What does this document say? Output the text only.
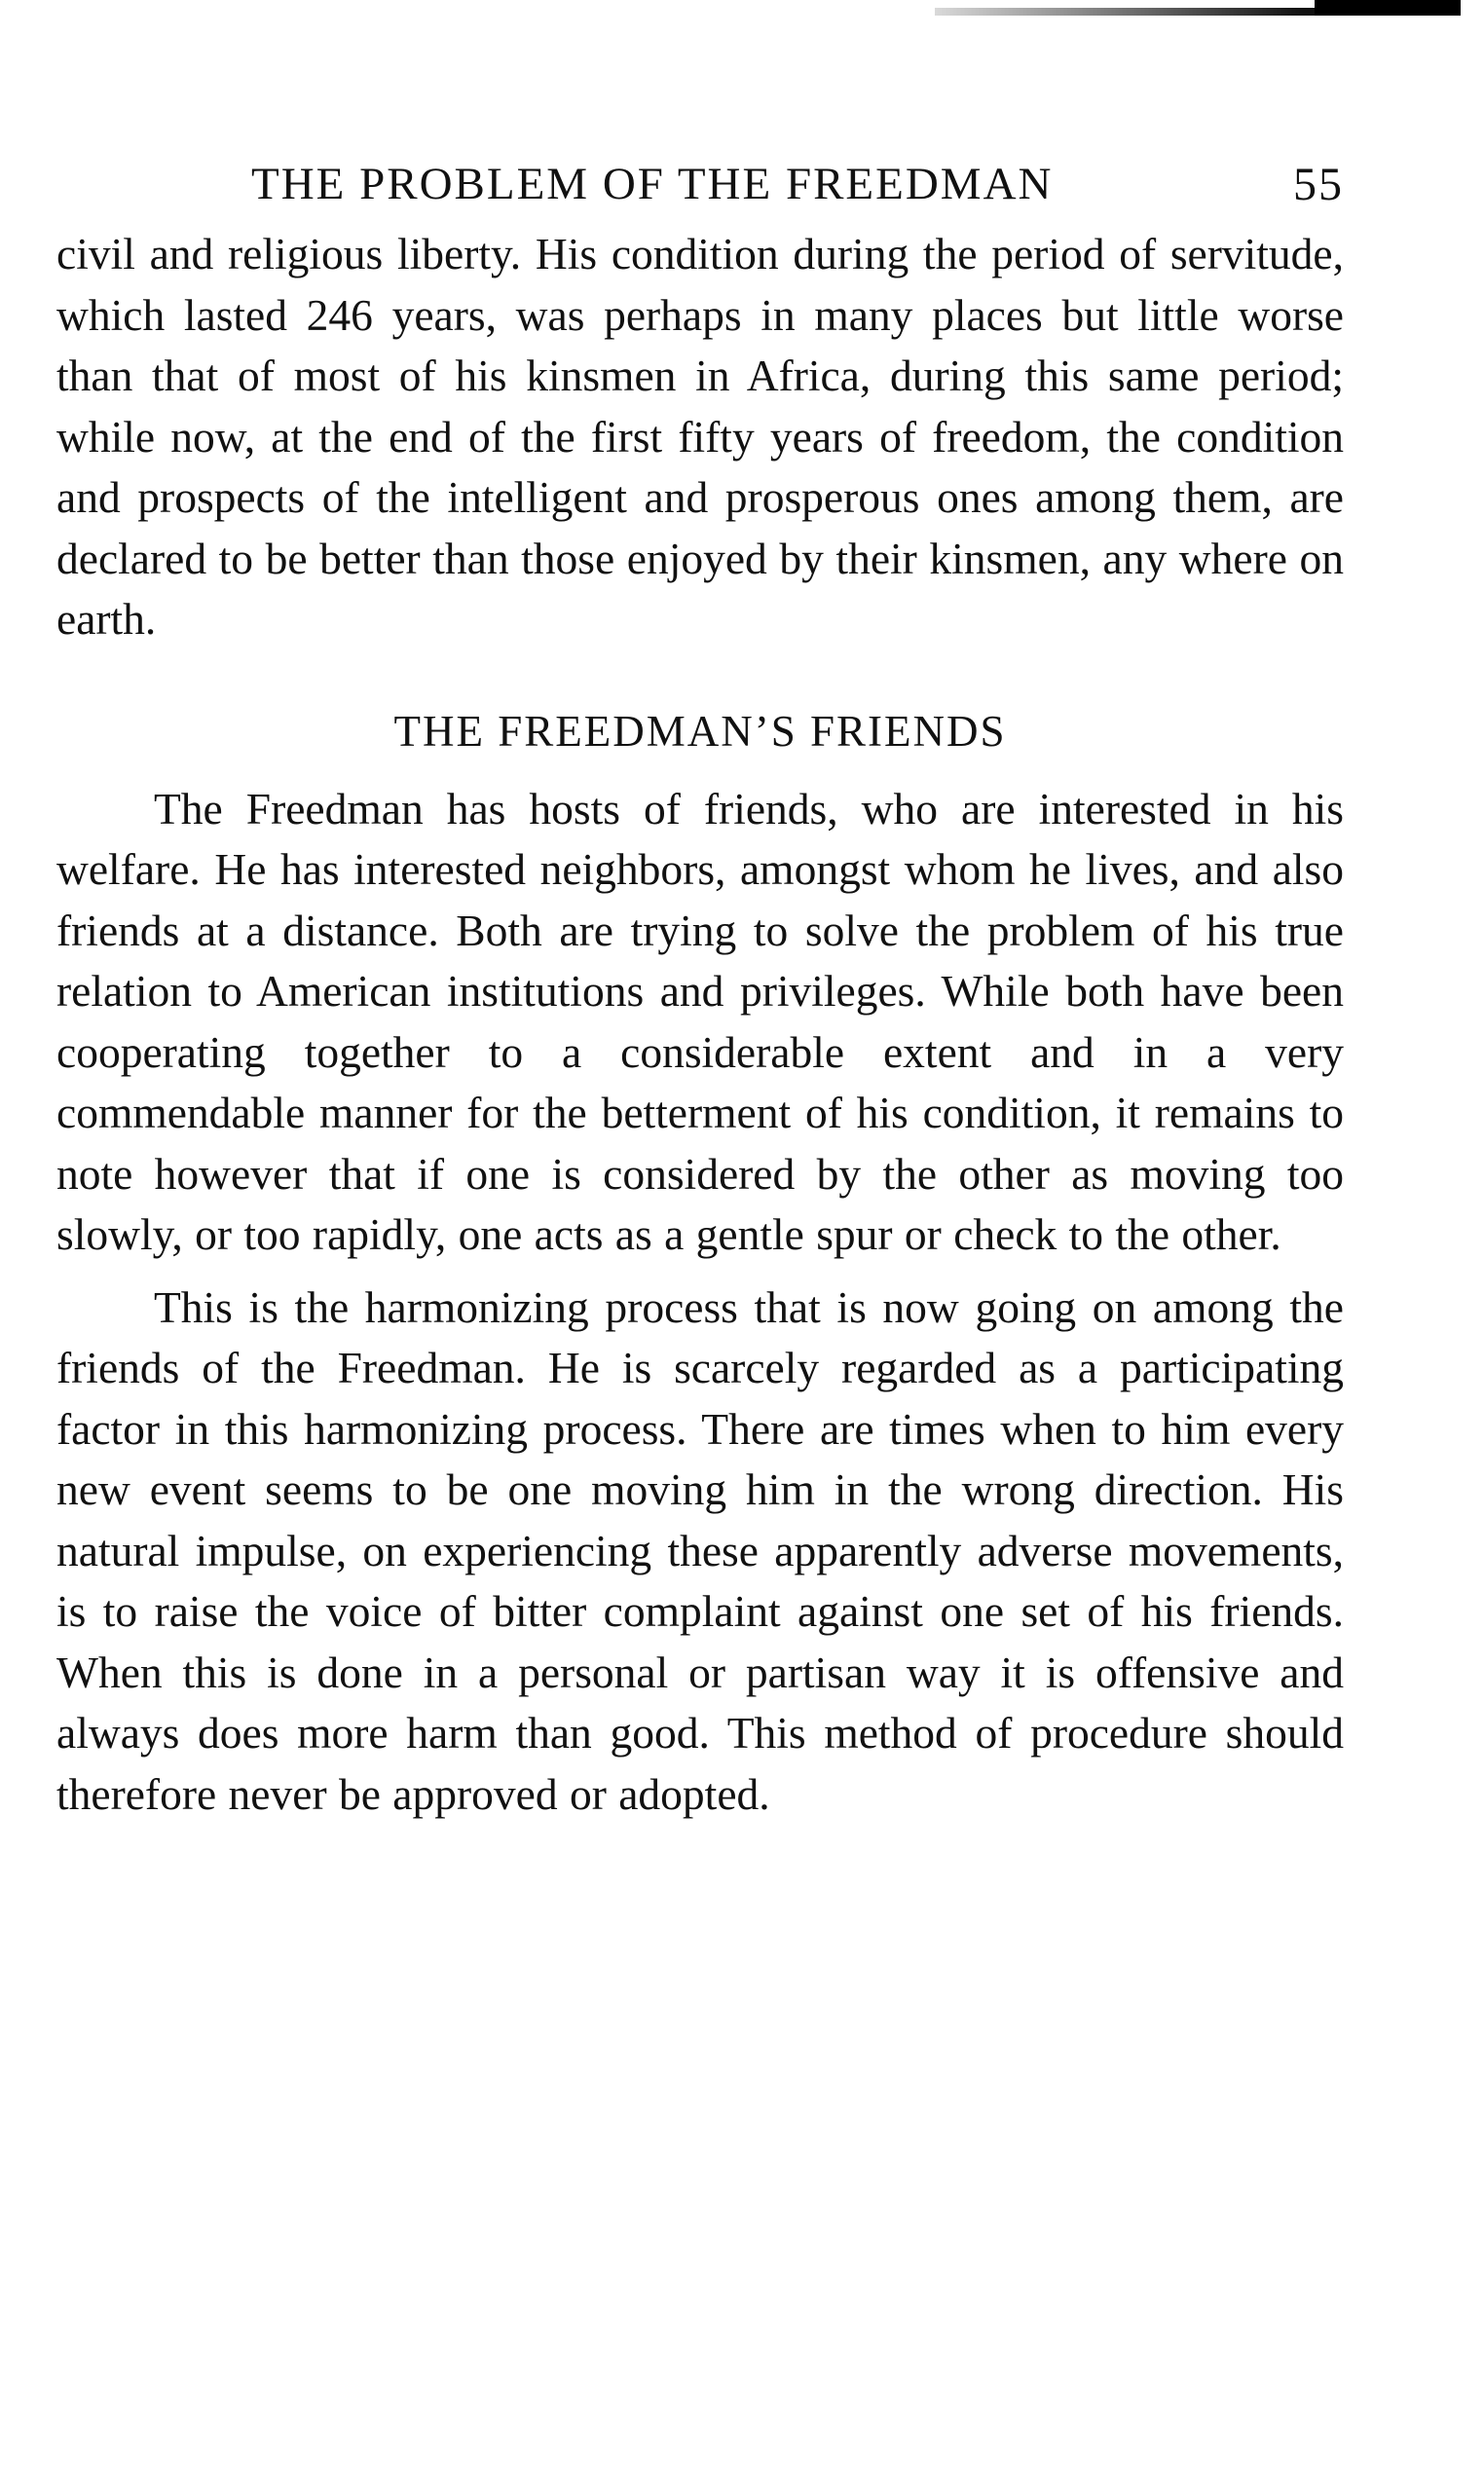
THE PROBLEM OF THE FREEDMAN	55

civil and religious liberty. His condition during the period of servitude, which lasted 246 years, was perhaps in many places but little worse than that of most of his kinsmen in Africa, during this same period; while now, at the end of the first fifty years of freedom, the condition and prospects of the intelligent and prosperous ones among them, are declared to be better than those enjoyed by their kinsmen, any where on earth.

THE FREEDMAN’S FRIENDS

The Freedman has hosts of friends, who are interested in his welfare. He has interested neighbors, amongst whom he lives, and also friends at a distance. Both are trying to solve the problem of his true relation to American institutions and privileges. While both have been cooperating together to a considerable extent and in a very commendable manner for the betterment of his condition, it remains to note however that if one is considered by the other as moving too slowly, or too rapidly, one acts as a gentle spur or check to the other.

This is the harmonizing process that is now going on among the friends of the Freedman. He is scarcely regarded as a participating factor in this harmonizing process. There are times when to him every new event seems to be one moving him in the wrong direction. His natural impulse, on experiencing these apparently adverse movements, is to raise the voice of bitter complaint against one set of his friends. When this is done in a personal or partisan way it is offensive and always does more harm than good. This method of procedure should therefore never be approved or adopted.
